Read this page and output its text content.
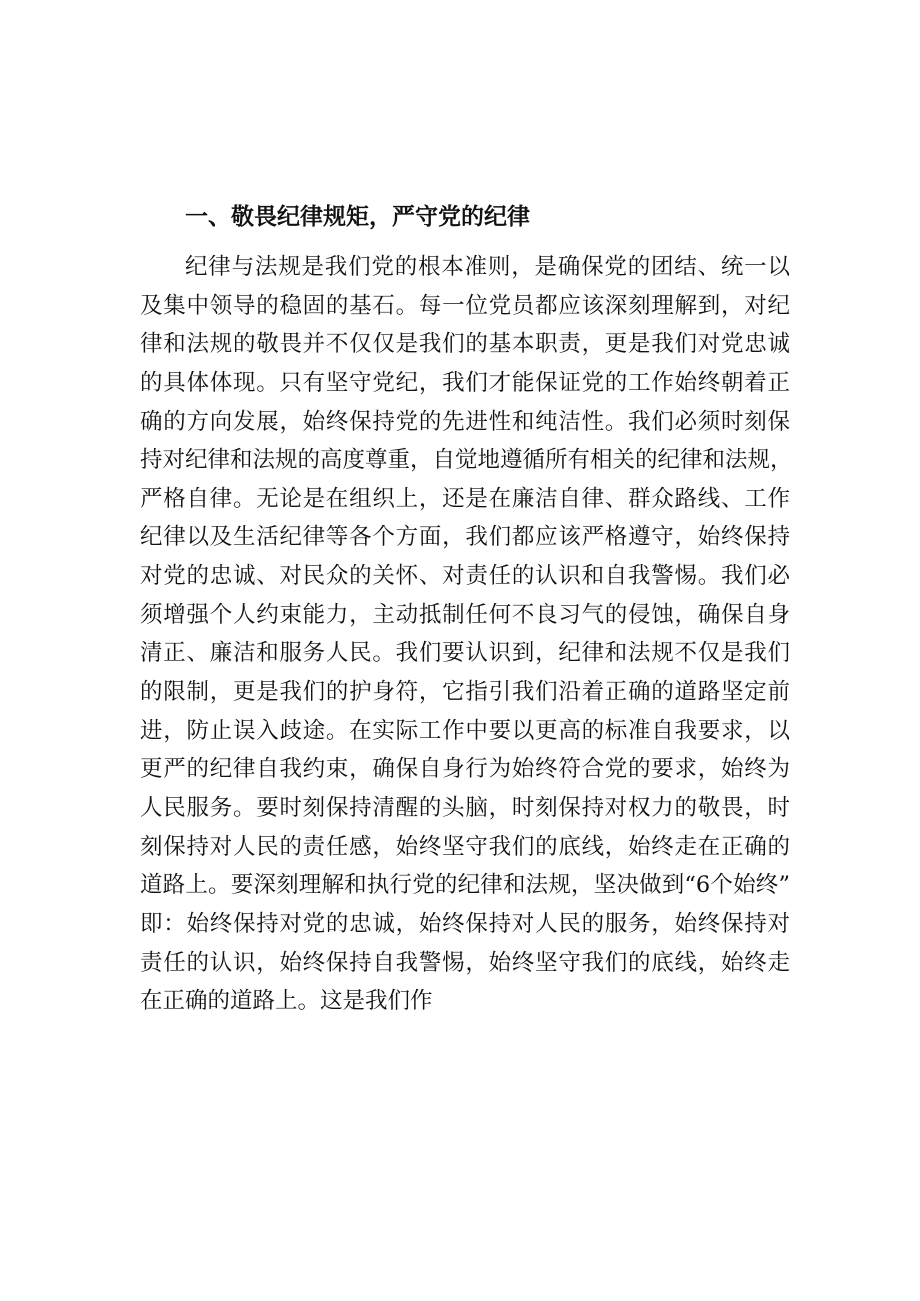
一、敬畏纪律规矩，严守党的纪律
纪律与法规是我们党的根本准则，是确保党的团结、统一以
及集中领导的稳固的基石。每一位党员都应该深刻理解到，对纪
律和法规的敬畏并不仅仅是我们的基本职责，更是我们对党忠诚
的具体体现。只有坚守党纪，我们才能保证党的工作始终朝着正
确的方向发展，始终保持党的先进性和纯洁性。我们必须时刻保
持对纪律和法规的高度尊重，自觉地遵循所有相关的纪律和法规，
严格自律。无论是在组织上，还是在廉洁自律、群众路线、工作
纪律以及生活纪律等各个方面，我们都应该严格遵守，始终保持
对党的忠诚、对民众的关怀、对责任的认识和自我警惕。我们必
须增强个人约束能力，主动抵制任何不良习气的侵蚀，确保自身
清正、廉洁和服务人民。我们要认识到，纪律和法规不仅是我们
的限制，更是我们的护身符，它指引我们沿着正确的道路坚定前
进，防止误入歧途。在实际工作中要以更高的标准自我要求，以
更严的纪律自我约束，确保自身行为始终符合党的要求，始终为
人民服务。要时刻保持清醒的头脑，时刻保持对权力的敬畏，时
刻保持对人民的责任感，始终坚守我们的底线，始终走在正确的
道路上。要深刻理解和执行党的纪律和法规，坚决做到“6个始终”
即：始终保持对党的忠诚，始终保持对人民的服务，始终保持对
责任的认识，始终保持自我警惕，始终坚守我们的底线，始终走
在正确的道路上。这是我们作
